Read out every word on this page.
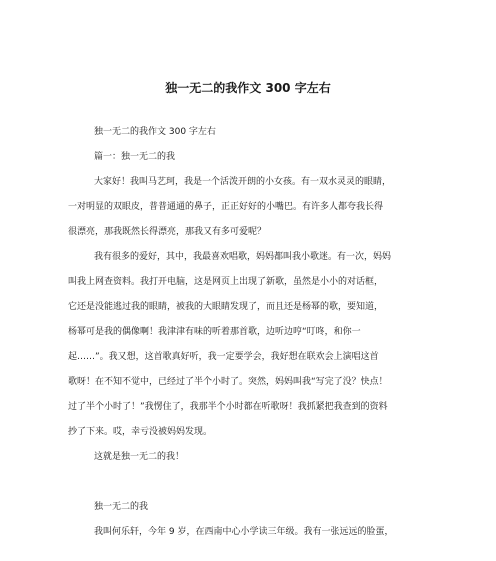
独一无二的我作文 300 字左右

独一无二的我作文 300 字左右

篇一：独一无二的我

大家好！我叫马艺珂，我是一个活泼开朗的小女孩。有一双水灵灵的眼睛，

一对明显的双眼皮，普普通通的鼻子，正正好好的小嘴巴。有许多人都夸我长得

很漂亮，那我既然长得漂亮，那我又有多可爱呢？

我有很多的爱好，其中，我最喜欢唱歌，妈妈都叫我小歌迷。有一次，妈妈

叫我上网查资料。我打开电脑，这是网页上出现了新歌，虽然是小小的对话框，

它还是没能逃过我的眼睛，被我的大眼睛发现了，而且还是杨幂的歌，要知道，

杨幂可是我的偶像啊！我津津有味的听着那首歌，边听边哼“叮咚，和你一

起……”。我又想，这首歌真好听，我一定要学会，我好想在联欢会上演唱这首

歌呀！在不知不觉中，已经过了半个小时了。突然，妈妈叫我“写完了没？快点！

过了半个小时了！”我愣住了，我那半个小时都在听歌呀！我抓紧把我查到的资料

抄了下来。哎，幸亏没被妈妈发现。

这就是独一无二的我！

独一无二的我

我叫何乐轩，今年 9 岁，在西南中心小学读三年级。我有一张远远的脸蛋，
